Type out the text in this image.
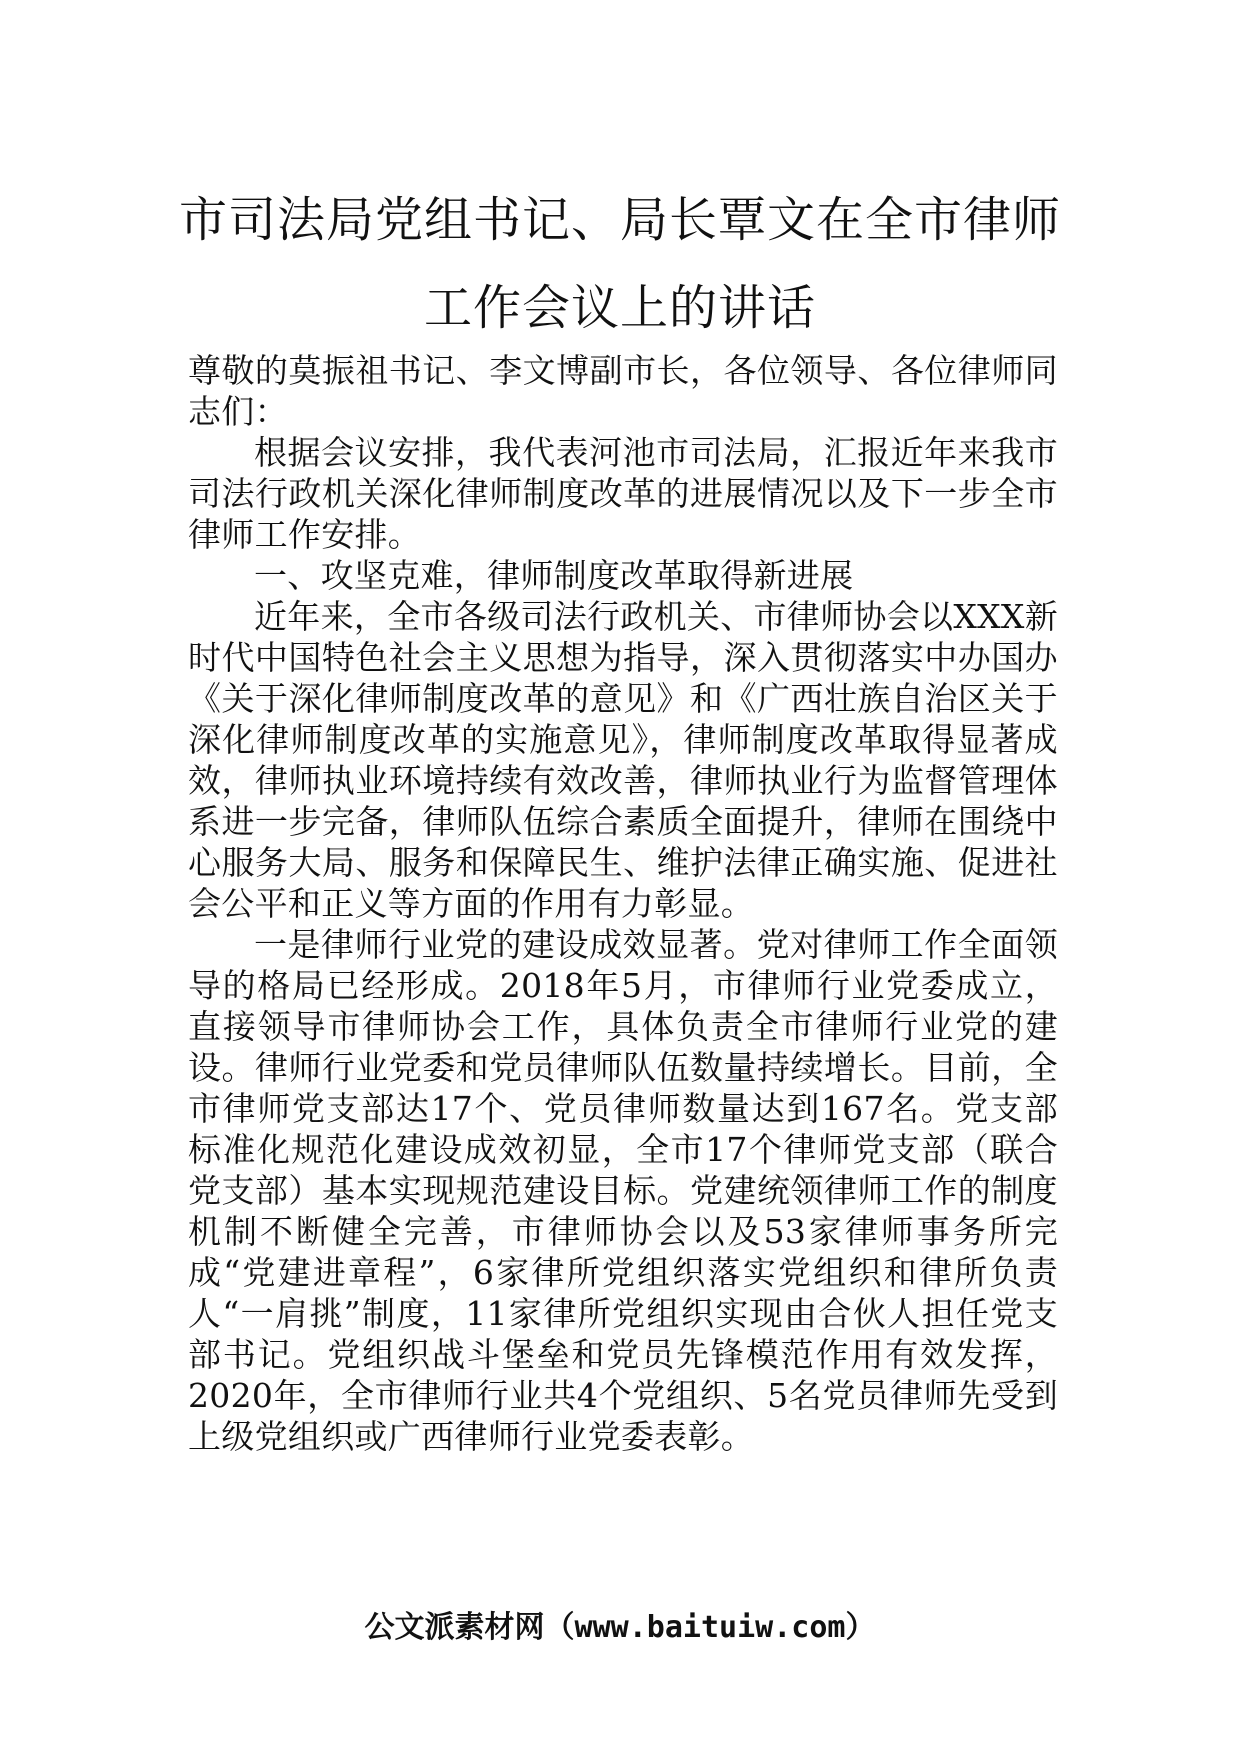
市司法局党组书记、局长覃文在全市律师
工作会议上的讲话

尊敬的莫振祖书记、李文博副市长，各位领导、各位律师同志们：

根据会议安排，我代表河池市司法局，汇报近年来我市司法行政机关深化律师制度改革的进展情况以及下一步全市律师工作安排。

一、攻坚克难，律师制度改革取得新进展

近年来，全市各级司法行政机关、市律师协会以XXX新时代中国特色社会主义思想为指导，深入贯彻落实中办国办《关于深化律师制度改革的意见》和《广西壮族自治区关于深化律师制度改革的实施意见》，律师制度改革取得显著成效，律师执业环境持续有效改善，律师执业行为监督管理体系进一步完备，律师队伍综合素质全面提升，律师在围绕中心服务大局、服务和保障民生、维护法律正确实施、促进社会公平和正义等方面的作用有力彰显。

一是律师行业党的建设成效显著。党对律师工作全面领导的格局已经形成。2018年5月，市律师行业党委成立，直接领导市律师协会工作，具体负责全市律师行业党的建设。律师行业党委和党员律师队伍数量持续增长。目前，全市律师党支部达17个、党员律师数量达到167名。党支部标准化规范化建设成效初显，全市17个律师党支部（联合党支部）基本实现规范建设目标。党建统领律师工作的制度机制不断健全完善，市律师协会以及53家律师事务所完成“党建进章程”，6家律所党组织落实党组织和律所负责人“一肩挑”制度，11家律所党组织实现由合伙人担任党支部书记。党组织战斗堡垒和党员先锋模范作用有效发挥，2020年，全市律师行业共4个党组织、5名党员律师先受到上级党组织或广西律师行业党委表彰。

公文派素材网（www.baituiw.com）
